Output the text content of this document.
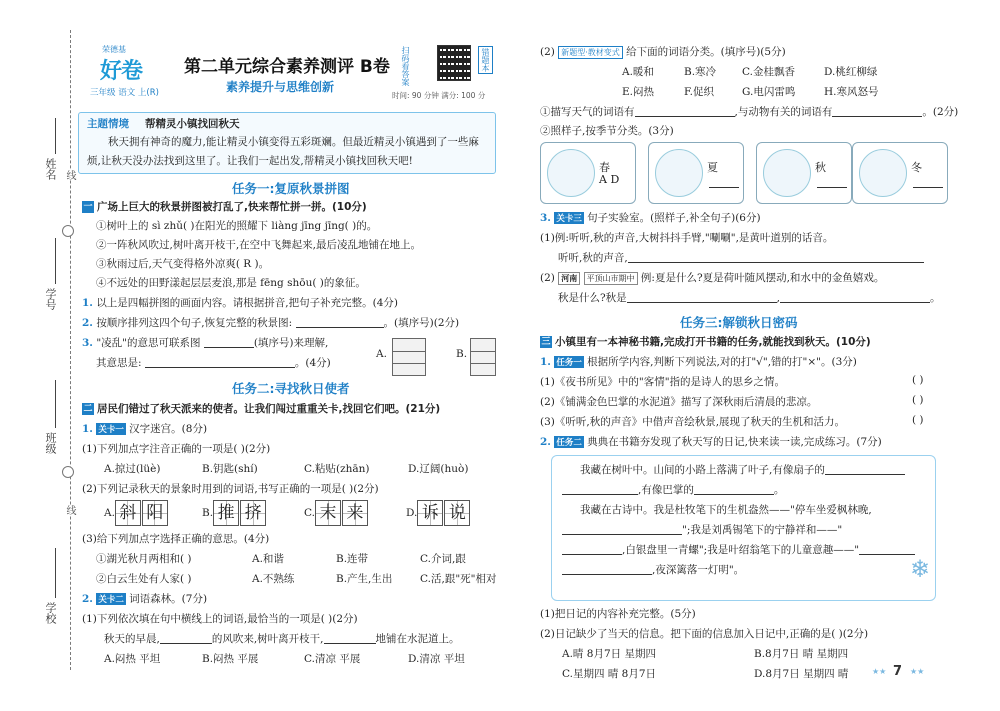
姓名 线
学号
班级
线
学校
荣德基
好卷
三年级 语文 上(R)
第二单元综合素养测评 B卷
素养提升与思维创新
扫码看答案	错题本
时间: 90 分钟 满分: 100 分
主题情境 帮精灵小镇找回秋天
秋天拥有神奇的魔力,能让精灵小镇变得五彩斑斓。但最近精灵小镇遇到了一些麻烦,让秋天没办法找到这里了。让我们一起出发,帮精灵小镇找回秋天吧!
任务一:复原秋景拼图
一 广场上巨大的秋景拼图被打乱了,快来帮忙拼一拼。(10分)
①树叶上的 sì zhǔ( )在阳光的照耀下 liàng jīng jīng( )的。
②一阵秋风吹过,树叶离开枝干,在空中飞舞起来,最后凌乱地铺在地上。
③秋雨过后,天气变得格外凉爽( R )。
④不远处的田野漾起层层麦浪,那是 fēng shōu( )的象征。
1. 以上是四幅拼图的画面内容。请根据拼音,把句子补充完整。(4分)
2. 按顺序排列这四个句子,恢复完整的秋景图:	。(填序号)(2分)
3. "凌乱"的意思可联系图	(填序号)来理解,
其意思是:	。(4分)
A.	B.
任务二:寻找秋日使者
二 居民们错过了秋天派来的使者。让我们闯过重重关卡,找回它们吧。(21分)
1. 关卡一 汉字迷宫。(8分)
(1)下列加点字注音正确的一项是( )(2分)
A.掠过(lüè)	B.钥匙(shí)	C.粘贴(zhān)	D.辽阔(huò)
(2)下列记录秋天的景象时用到的词语,书写正确的一项是( )(2分)
A. 斜 阳	B. 推 挤	C. 末 来	D. 诉 说
(3)给下列加点字选择正确的意思。(4分)
①湖光秋月两相和( )	A.和谐	B.连带	C.介词,跟
②白云生处有人家( )	A.不熟练	B.产生,生出	C.活,跟"死"相对
2. 关卡二 词语森林。(7分)
(1)下列依次填在句中横线上的词语,最恰当的一项是( )(2分)
秋天的早晨,	的风吹来,树叶离开枝干,	地铺在水泥道上。
A.闷热 平坦	B.闷热 平展	C.清凉 平展	D.清凉 平坦
(2) 新题型·教材变式 给下面的词语分类。(填序号)(5分)
A.暖和	B.寒冷 C.金桂飘香	D.桃红柳绿
E.闷热	F.促织	G.电闪雷鸣	H.寒风怒号
①描写天气的词语有	,与动物有关的词语有	。(2分)
②照样子,按季节分类。(3分)
春
A D
夏	秋	冬
3. 关卡三 句子实验室。(照样子,补全句子)(6分)
(1)例:听听,秋的声音,大树抖抖手臂,"唰唰",是黄叶道别的话音。
听听,秋的声音,
(2) 河南 平顶山市期中 例:夏是什么?夏是荷叶随风摆动,和水中的金鱼嬉戏。
秋是什么?秋是	,	。
任务三:解锁秋日密码
三 小镇里有一本神秘书籍,完成打开书籍的任务,就能找到秋天。(10分)
1. 任务一 根据所学内容,判断下列说法,对的打"√",错的打"×"。(3分)
(1)《夜书所见》中的"客情"指的是诗人的思乡之情。	( )
(2)《铺满金色巴掌的水泥道》描写了深秋雨后清晨的悲凉。	( )
(3)《听听,秋的声音》中借声音绘秋景,展现了秋天的生机和活力。	( )
2. 任务二 典典在书籍夯发现了秋天写的日记,快来读一读,完成练习。(7分)
我藏在树叶中。山间的小路上落满了叶子,有像扇子的
,有像巴掌的	。
我藏在古诗中。我是杜牧笔下的生机盎然——"停车坐爱枫林晚,
";我是刘禹锡笔下的宁静祥和——"
,白银盘里一青螺";我是叶绍翁笔下的儿童意趣——"
,夜深篱落一灯明"。	❄
(1)把日记的内容补充完整。(5分)
(2)日记缺少了当天的信息。把下面的信息加入日记中,正确的是( )(2分)
A.晴 8月7日 星期四	B.8月7日 晴 星期四
C.星期四 晴 8月7日	D.8月7日 星期四 晴	★★ 7 ★★
